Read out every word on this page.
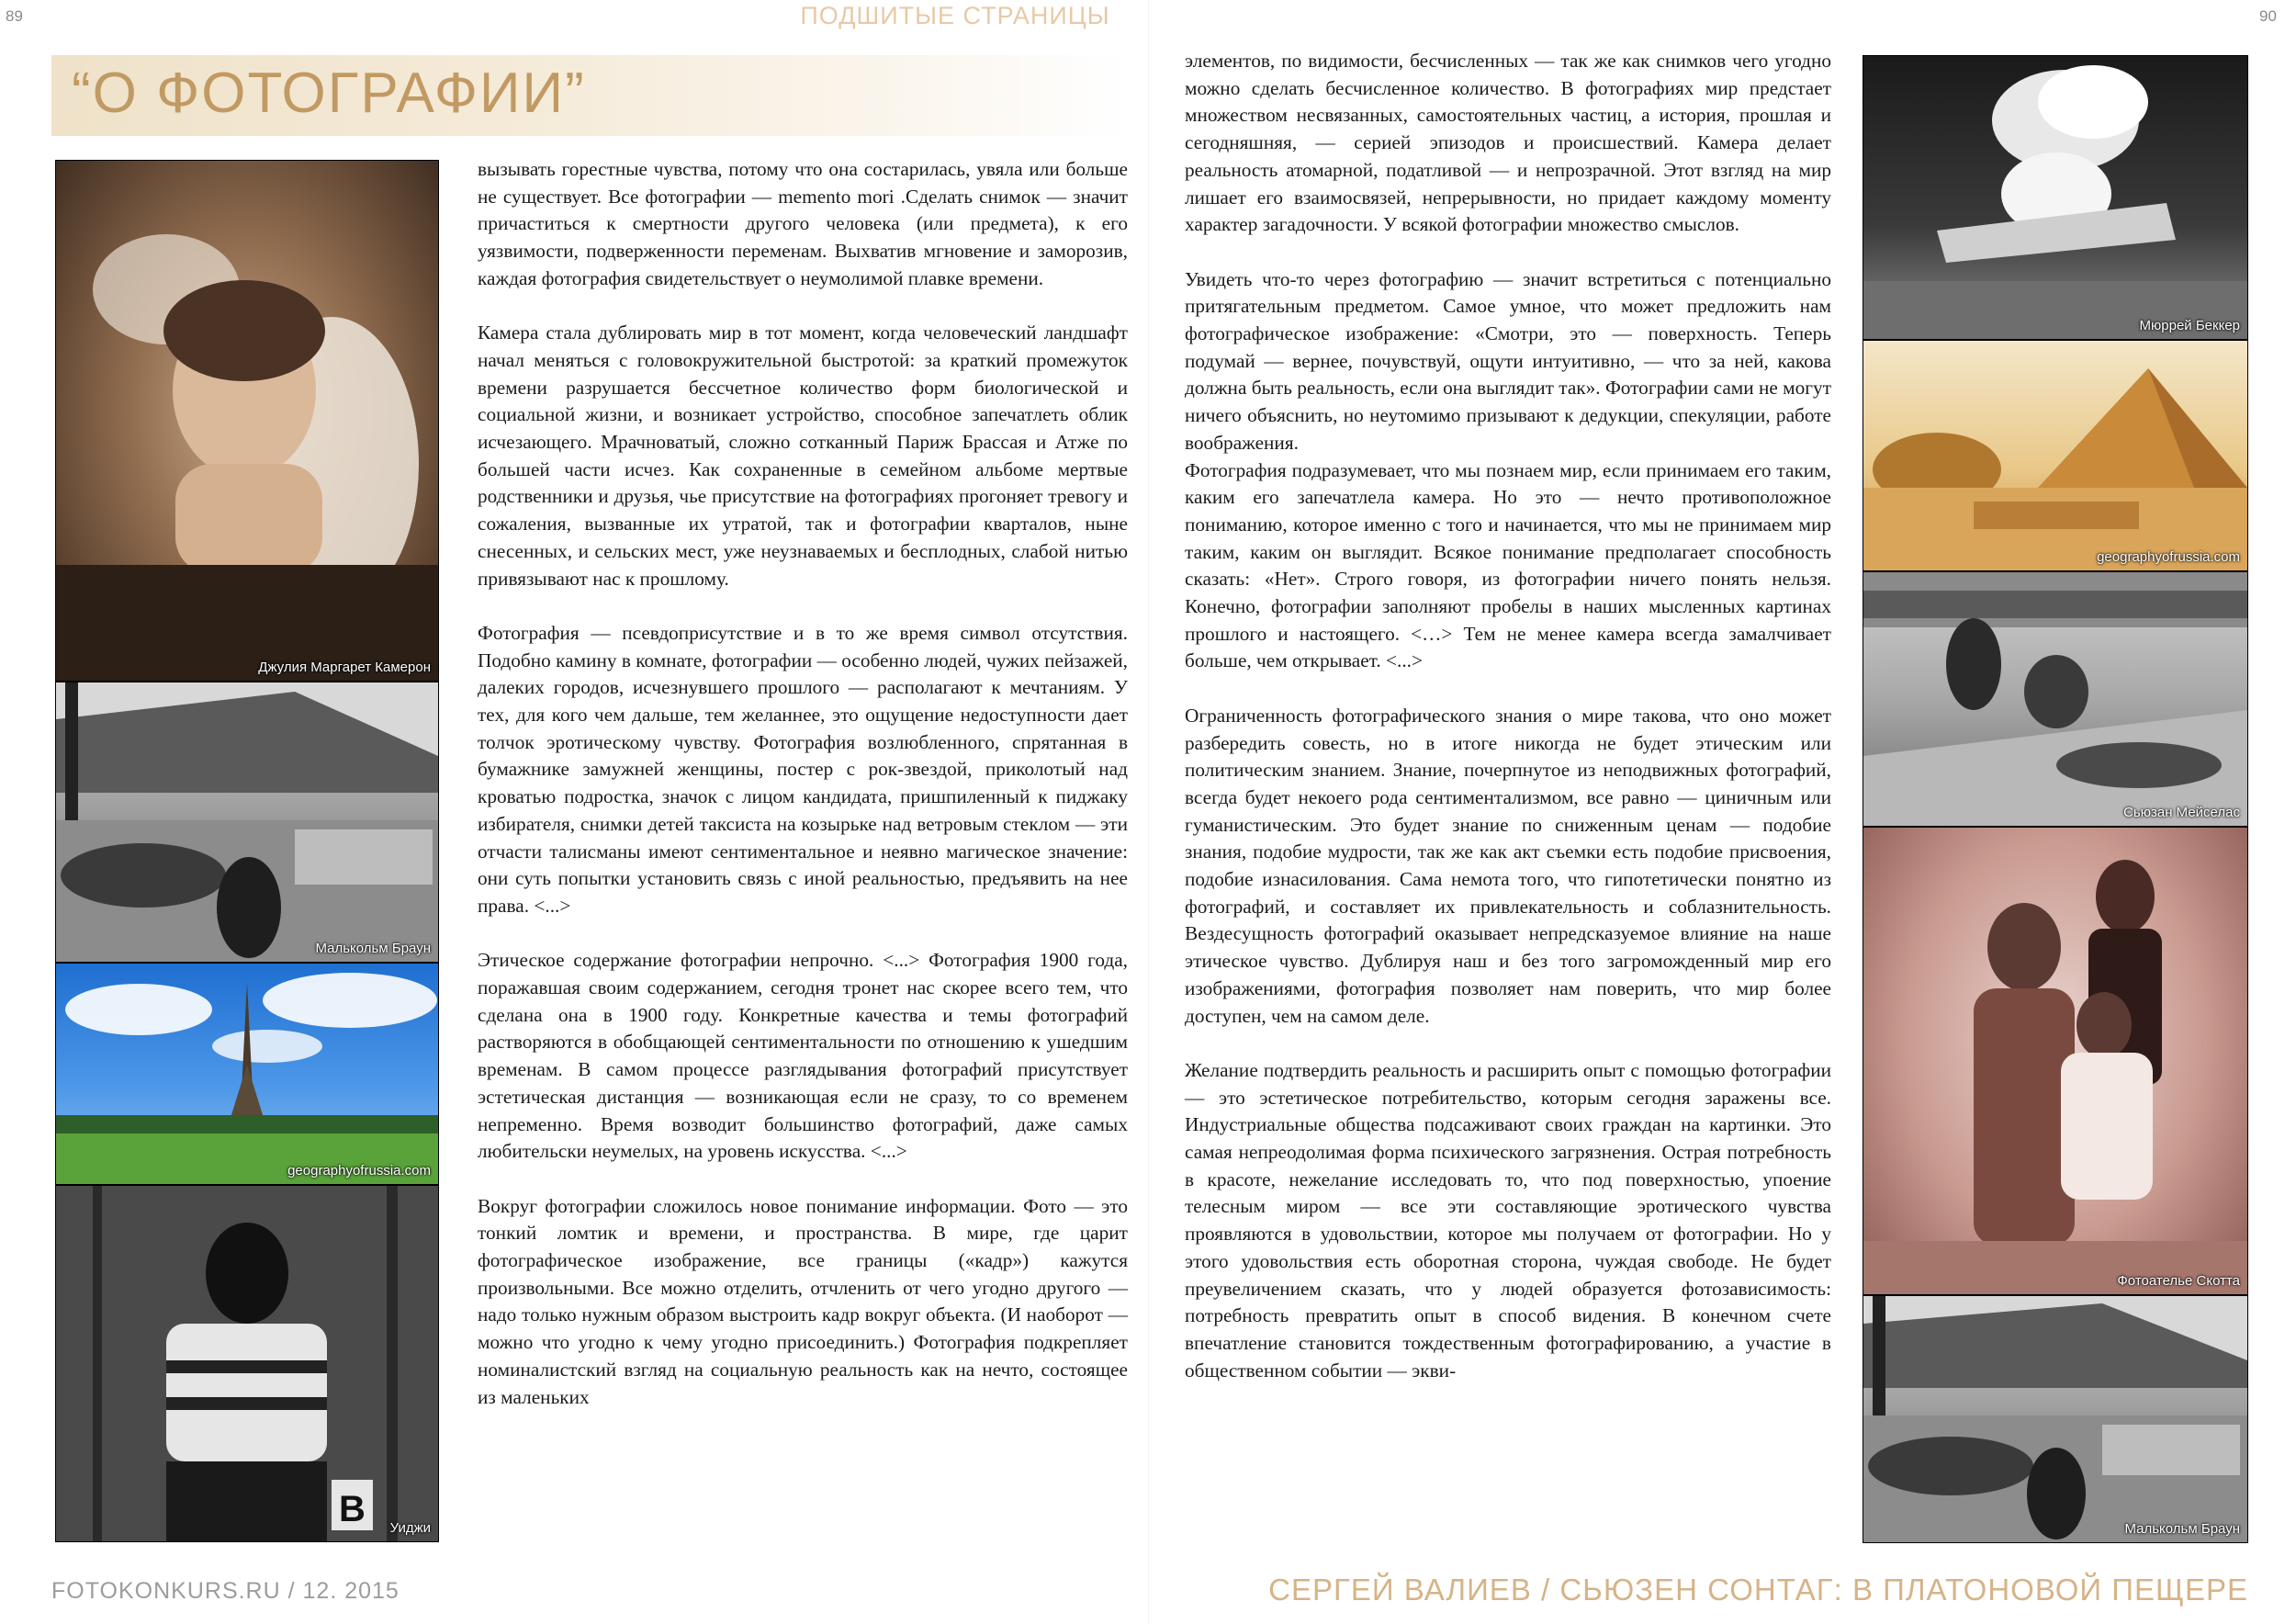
89	90
ПОДШИТЫЕ СТРАНИЦЫ
“О ФОТОГРАФИИ”
Джулия Маргарет Камерон
Малькольм Браун
geographyofrussia.com
B Уиджи

вызывать горестные чувства, потому что она состарилась, увяла или больше не существует. Все фотографии — memento mori .Сделать снимок — значит причаститься к смертности другого человека (или предмета), к его уязвимости, подверженности переменам. Выхватив мгновение и заморозив, каждая фотография свидетельствует о неумолимой плавке времени.

Камера стала дублировать мир в тот момент, когда человеческий ландшафт начал меняться с головокружительной быстротой: за краткий промежуток времени разрушается бессчетное количество форм биологической и социальной жизни, и возникает устройство, способное запечатлеть облик исчезающего. Мрачноватый, сложно сотканный Париж Брассая и Атже по большей части исчез. Как сохраненные в семейном альбоме мертвые родственники и друзья, чье присутствие на фотографиях прогоняет тревогу и сожаления, вызванные их утратой, так и фотографии кварталов, ныне снесенных, и сельских мест, уже неузнаваемых и бесплодных, слабой нитью привязывают нас к прошлому.

Фотография — псевдоприсутствие и в то же время символ отсутствия. Подобно камину в комнате, фотографии — особенно людей, чужих пейзажей, далеких городов, исчезнувшего прошлого — располагают к мечтаниям. У тех, для кого чем дальше, тем желаннее, это ощущение недоступности дает толчок эротическому чувству. Фотография возлюбленного, спрятанная в бумажнике замужней женщины, постер с рок-звездой, приколотый над кроватью подростка, значок с лицом кандидата, пришпиленный к пиджаку избирателя, снимки детей таксиста на козырьке над ветровым стеклом — эти отчасти талисманы имеют сентиментальное и неявно магическое значение: они суть попытки установить связь с иной реальностью, предъявить на нее права. <...>

Этическое содержание фотографии непрочно. <...> Фотография 1900 года, поражавшая своим содержанием, сегодня тронет нас скорее всего тем, что сделана она в 1900 году. Конкретные качества и темы фотографий растворяются в обобщающей сентиментальности по отношению к ушедшим временам. В самом процессе разглядывания фотографий присутствует эстетическая дистанция — возникающая если не сразу, то со временем непременно. Время возводит большинство фотографий, даже самых любительски неумелых, на уровень искусства. <...>

Вокруг фотографии сложилось новое понимание информации. Фото — это тонкий ломтик и времени, и пространства. В мире, где царит фотографическое изображение, все границы («кадр») кажутся произвольными. Все можно отделить, отчленить от чего угодно другого — надо только нужным образом выстроить кадр вокруг объекта. (И наоборот — можно что угодно к чему угодно присоединить.) Фотография подкрепляет номиналистский взгляд на социальную реальность как на нечто, состоящее из маленьких

элементов, по видимости, бесчисленных — так же как снимков чего угодно можно сделать бесчисленное количество. В фотографиях мир предстает множеством несвязанных, самостоятельных частиц, а история, прошлая и сегодняшняя, — серией эпизодов и происшествий. Камера делает реальность атомарной, податливой — и непрозрачной. Этот взгляд на мир лишает его взаимосвязей, непрерывности, но придает каждому моменту характер загадочности. У всякой фотографии множество смыслов.

Увидеть что-то через фотографию — значит встретиться с потенциально притягательным предметом. Самое умное, что может предложить нам фотографическое изображение: «Смотри, это — поверхность. Теперь подумай — вернее, почувствуй, ощути интуитивно, — что за ней, какова должна быть реальность, если она выглядит так». Фотографии сами не могут ничего объяснить, но неутомимо призывают к дедукции, спекуляции, работе воображения.

Фотография подразумевает, что мы познаем мир, если принимаем его таким, каким его запечатлела камера. Но это — нечто противоположное пониманию, которое именно с того и начинается, что мы не принимаем мир таким, каким он выглядит. Всякое понимание предполагает способность сказать: «Нет». Строго говоря, из фотографии ничего понять нельзя. Конечно, фотографии заполняют пробелы в наших мысленных картинах прошлого и настоящего. <…> Тем не менее камера всегда замалчивает больше, чем открывает. <...>

Ограниченность фотографического знания о мире такова, что оно может разбередить совесть, но в итоге никогда не будет этическим или политическим знанием. Знание, почерпнутое из неподвижных фотографий, всегда будет некоего рода сентиментализмом, все равно — циничным или гуманистическим. Это будет знание по сниженным ценам — подобие знания, подобие мудрости, так же как акт съемки есть подобие присвоения, подобие изнасилования. Сама немота того, что гипотетически понятно из фотографий, и составляет их привлекательность и соблазнительность. Вездесущность фотографий оказывает непредсказуемое влияние на наше этическое чувство. Дублируя наш и без того загроможденный мир его изображениями, фотография позволяет нам поверить, что мир более доступен, чем на самом деле.

Желание подтвердить реальность и расширить опыт с помощью фотографии — это эстетическое потребительство, которым сегодня заражены все. Индустриальные общества подсаживают своих граждан на картинки. Это самая непреодолимая форма психического загрязнения. Острая потребность в красоте, нежелание исследовать то, что под поверхностью, упоение телесным миром — все эти составляющие эротического чувства проявляются в удовольствии, которое мы получаем от фотографии. Но у этого удовольствия есть оборотная сторона, чуждая свободе. Не будет преувеличением сказать, что у людей образуется фотозависимость: потребность превратить опыт в способ видения. В конечном счете впечатление становится тождественным фотографированию, а участие в общественном событии — экви-

Мюррей Беккер
geographyofrussia.com
Сьюзан Мейселас
Фотоателье Скотта
Малькольм Браун
FOTOKONKURS.RU / 12. 2015	СЕРГЕЙ ВАЛИЕВ / СЬЮЗЕН СОНТАГ: В ПЛАТОНОВОЙ ПЕЩЕРЕ
